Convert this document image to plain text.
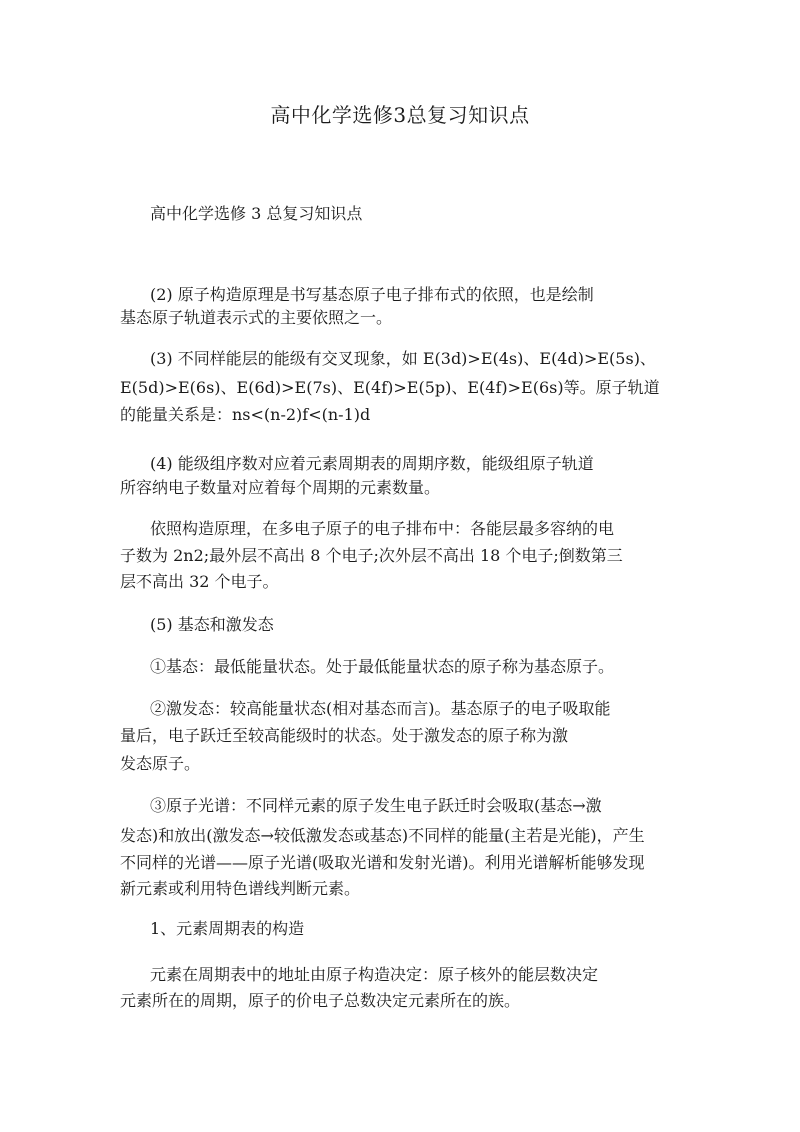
高中化学选修3总复习知识点

高中化学选修 3 总复习知识点

(2) 原子构造原理是书写基态原子电子排布式的依照，也是绘制

基态原子轨道表示式的主要依照之一。

(3) 不同样能层的能级有交叉现象，如 E(3d)>E(4s)、E(4d)>E(5s)、

E(5d)>E(6s)、E(6d)>E(7s)、E(4f)>E(5p)、E(4f)>E(6s)等。原子轨道

的能量关系是：ns<(n-2)f<(n-1)d

(4) 能级组序数对应着元素周期表的周期序数，能级组原子轨道

所容纳电子数量对应着每个周期的元素数量。

依照构造原理，在多电子原子的电子排布中：各能层最多容纳的电

子数为 2n2;最外层不高出 8 个电子;次外层不高出 18 个电子;倒数第三

层不高出 32 个电子。

(5) 基态和激发态

①基态：最低能量状态。处于最低能量状态的原子称为基态原子。

②激发态：较高能量状态(相对基态而言)。基态原子的电子吸取能

量后，电子跃迁至较高能级时的状态。处于激发态的原子称为激

发态原子。

③原子光谱：不同样元素的原子发生电子跃迁时会吸取(基态→激

发态)和放出(激发态→较低激发态或基态)不同样的能量(主若是光能)，产生

不同样的光谱——原子光谱(吸取光谱和发射光谱)。利用光谱解析能够发现

新元素或利用特色谱线判断元素。

1、元素周期表的构造

元素在周期表中的地址由原子构造决定：原子核外的能层数决定

元素所在的周期，原子的价电子总数决定元素所在的族。
